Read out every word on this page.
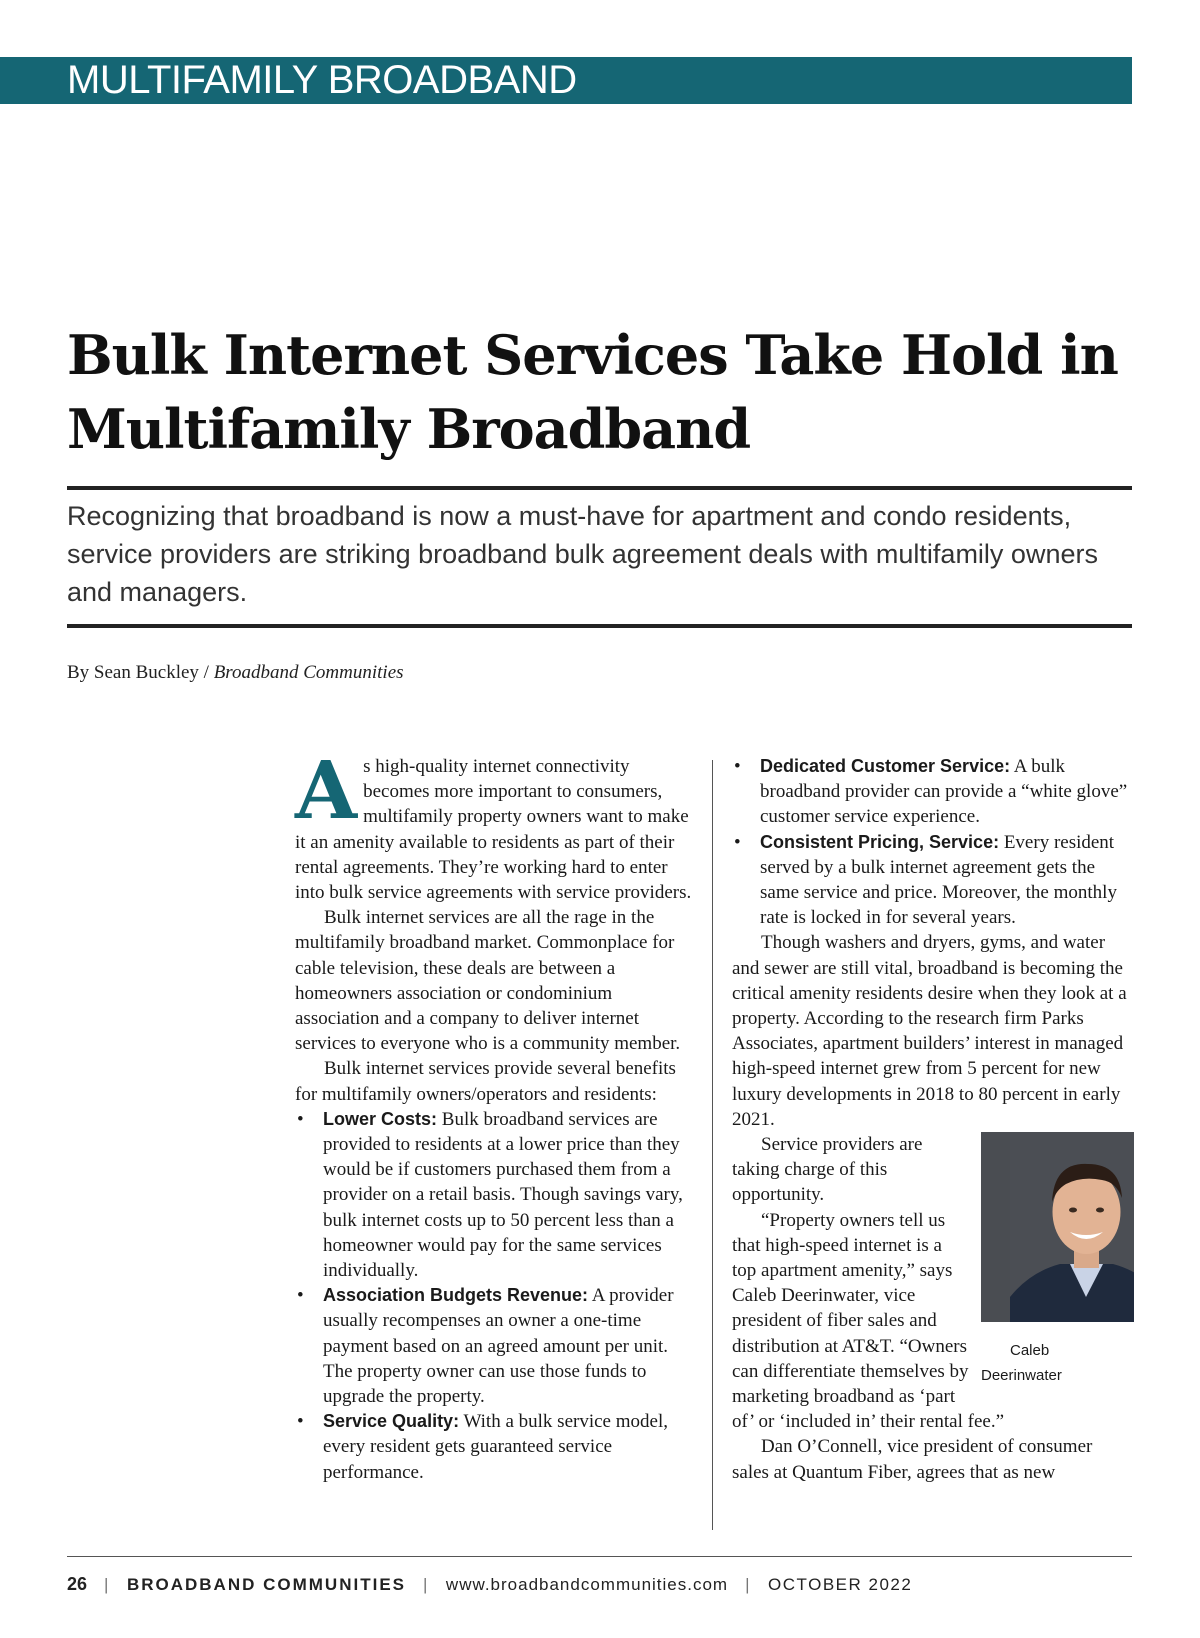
MULTIFAMILY BROADBAND
Bulk Internet Services Take Hold in
Multifamily Broadband

Recognizing that broadband is now a must-have for apartment and condo residents, service providers are striking broadband bulk agreement deals with multifamily owners and managers.

By Sean Buckley / Broadband Communities

As high-quality internet connectivity becomes more important to consumers, multifamily property owners want to make it an amenity available to residents as part of their rental agreements. They’re working hard to enter into bulk service agreements with service providers.

Bulk internet services are all the rage in the multifamily broadband market. Commonplace for cable television, these deals are between a homeowners association or condominium association and a company to deliver internet services to everyone who is a community member.

Bulk internet services provide several benefits for multifamily owners/operators and residents:

• Lower Costs: Bulk broadband services are provided to residents at a lower price than they would be if customers purchased them from a provider on a retail basis. Though savings vary, bulk internet costs up to 50 percent less than a homeowner would pay for the same services individually.
• Association Budgets Revenue: A provider usually recompenses an owner a one-time payment based on an agreed amount per unit. The property owner can use those funds to upgrade the property.
• Service Quality: With a bulk service model, every resident gets guaranteed service performance.
• Dedicated Customer Service: A bulk broadband provider can provide a “white glove” customer service experience.
• Consistent Pricing, Service: Every resident served by a bulk internet agreement gets the same service and price. Moreover, the monthly rate is locked in for several years.

Though washers and dryers, gyms, and water and sewer are still vital, broadband is becoming the critical amenity residents desire when they look at a property. According to the research firm Parks Associates, apartment builders’ interest in managed high-speed internet grew from 5 percent for new luxury developments in 2018 to 80 percent in early 2021.

Caleb Deerinwater
Service providers are taking charge of this opportunity.

“Property owners tell us that high-speed internet is a top apartment amenity,” says Caleb Deerinwater, vice president of fiber sales and distribution at AT&T. “Owners can differentiate themselves by marketing broadband as ‘part of’ or ‘included in’ their rental fee.”

Dan O’Connell, vice president of consumer sales at Quantum Fiber, agrees that as new

26 | BROADBAND COMMUNITIES | www.broadbandcommunities.com | OCTOBER 2022
